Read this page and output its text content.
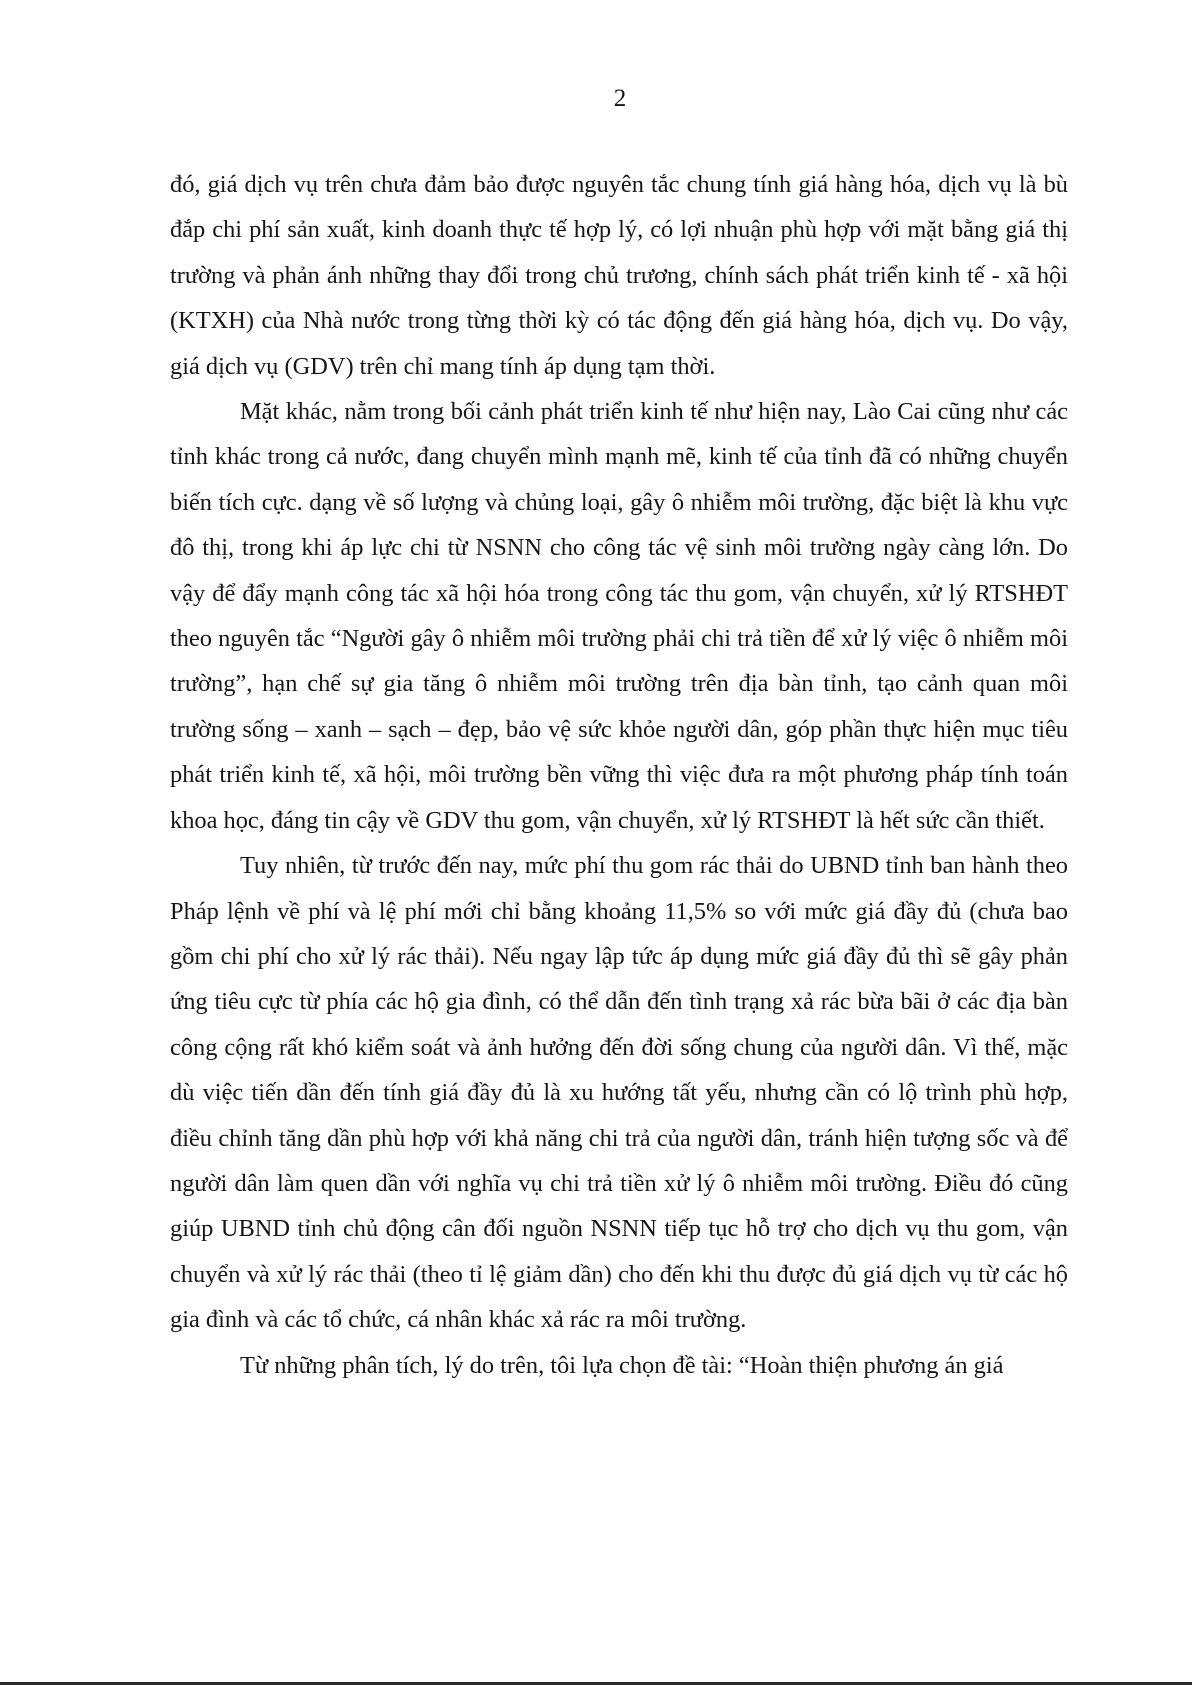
2

đó, giá dịch vụ trên chưa đảm bảo được nguyên tắc chung tính giá hàng hóa, dịch vụ là bù đắp chi phí sản xuất, kinh doanh thực tế hợp lý, có lợi nhuận phù hợp với mặt bằng giá thị trường và phản ánh những thay đổi trong chủ trương, chính sách phát triển kinh tế - xã hội (KTXH) của Nhà nước trong từng thời kỳ có tác động đến giá hàng hóa, dịch vụ. Do vậy, giá dịch vụ (GDV) trên chỉ mang tính áp dụng tạm thời.

Mặt khác, nằm trong bối cảnh phát triển kinh tế như hiện nay, Lào Cai cũng như các tỉnh khác trong cả nước, đang chuyển mình mạnh mẽ, kinh tế của tỉnh đã có những chuyển biến tích cực. dạng về số lượng và chủng loại, gây ô nhiễm môi trường, đặc biệt là khu vực đô thị, trong khi áp lực chi từ NSNN cho công tác vệ sinh môi trường ngày càng lớn. Do vậy để đẩy mạnh công tác xã hội hóa trong công tác thu gom, vận chuyển, xử lý RTSHĐT theo nguyên tắc “Người gây ô nhiễm môi trường phải chi trả tiền để xử lý việc ô nhiễm môi trường”, hạn chế sự gia tăng ô nhiễm môi trường trên địa bàn tỉnh, tạo cảnh quan môi trường sống – xanh – sạch – đẹp, bảo vệ sức khỏe người dân, góp phần thực hiện mục tiêu phát triển kinh tế, xã hội, môi trường bền vững thì việc đưa ra một phương pháp tính toán khoa học, đáng tin cậy về GDV thu gom, vận chuyển, xử lý RTSHĐT là hết sức cần thiết.

Tuy nhiên, từ trước đến nay, mức phí thu gom rác thải do UBND tỉnh ban hành theo Pháp lệnh về phí và lệ phí mới chỉ bằng khoảng 11,5% so với mức giá đầy đủ (chưa bao gồm chi phí cho xử lý rác thải). Nếu ngay lập tức áp dụng mức giá đầy đủ thì sẽ gây phản ứng tiêu cực từ phía các hộ gia đình, có thể dẫn đến tình trạng xả rác bừa bãi ở các địa bàn công cộng rất khó kiểm soát và ảnh hưởng đến đời sống chung của người dân. Vì thế, mặc dù việc tiến dần đến tính giá đầy đủ là xu hướng tất yếu, nhưng cần có lộ trình phù hợp, điều chỉnh tăng dần phù hợp với khả năng chi trả của người dân, tránh hiện tượng sốc và để người dân làm quen dần với nghĩa vụ chi trả tiền xử lý ô nhiễm môi trường. Điều đó cũng giúp UBND tỉnh chủ động cân đối nguồn NSNN tiếp tục hỗ trợ cho dịch vụ thu gom, vận chuyển và xử lý rác thải (theo tỉ lệ giảm dần) cho đến khi thu được đủ giá dịch vụ từ các hộ gia đình và các tổ chức, cá nhân khác xả rác ra môi trường.

Từ những phân tích, lý do trên, tôi lựa chọn đề tài: “Hoàn thiện phương án giá
